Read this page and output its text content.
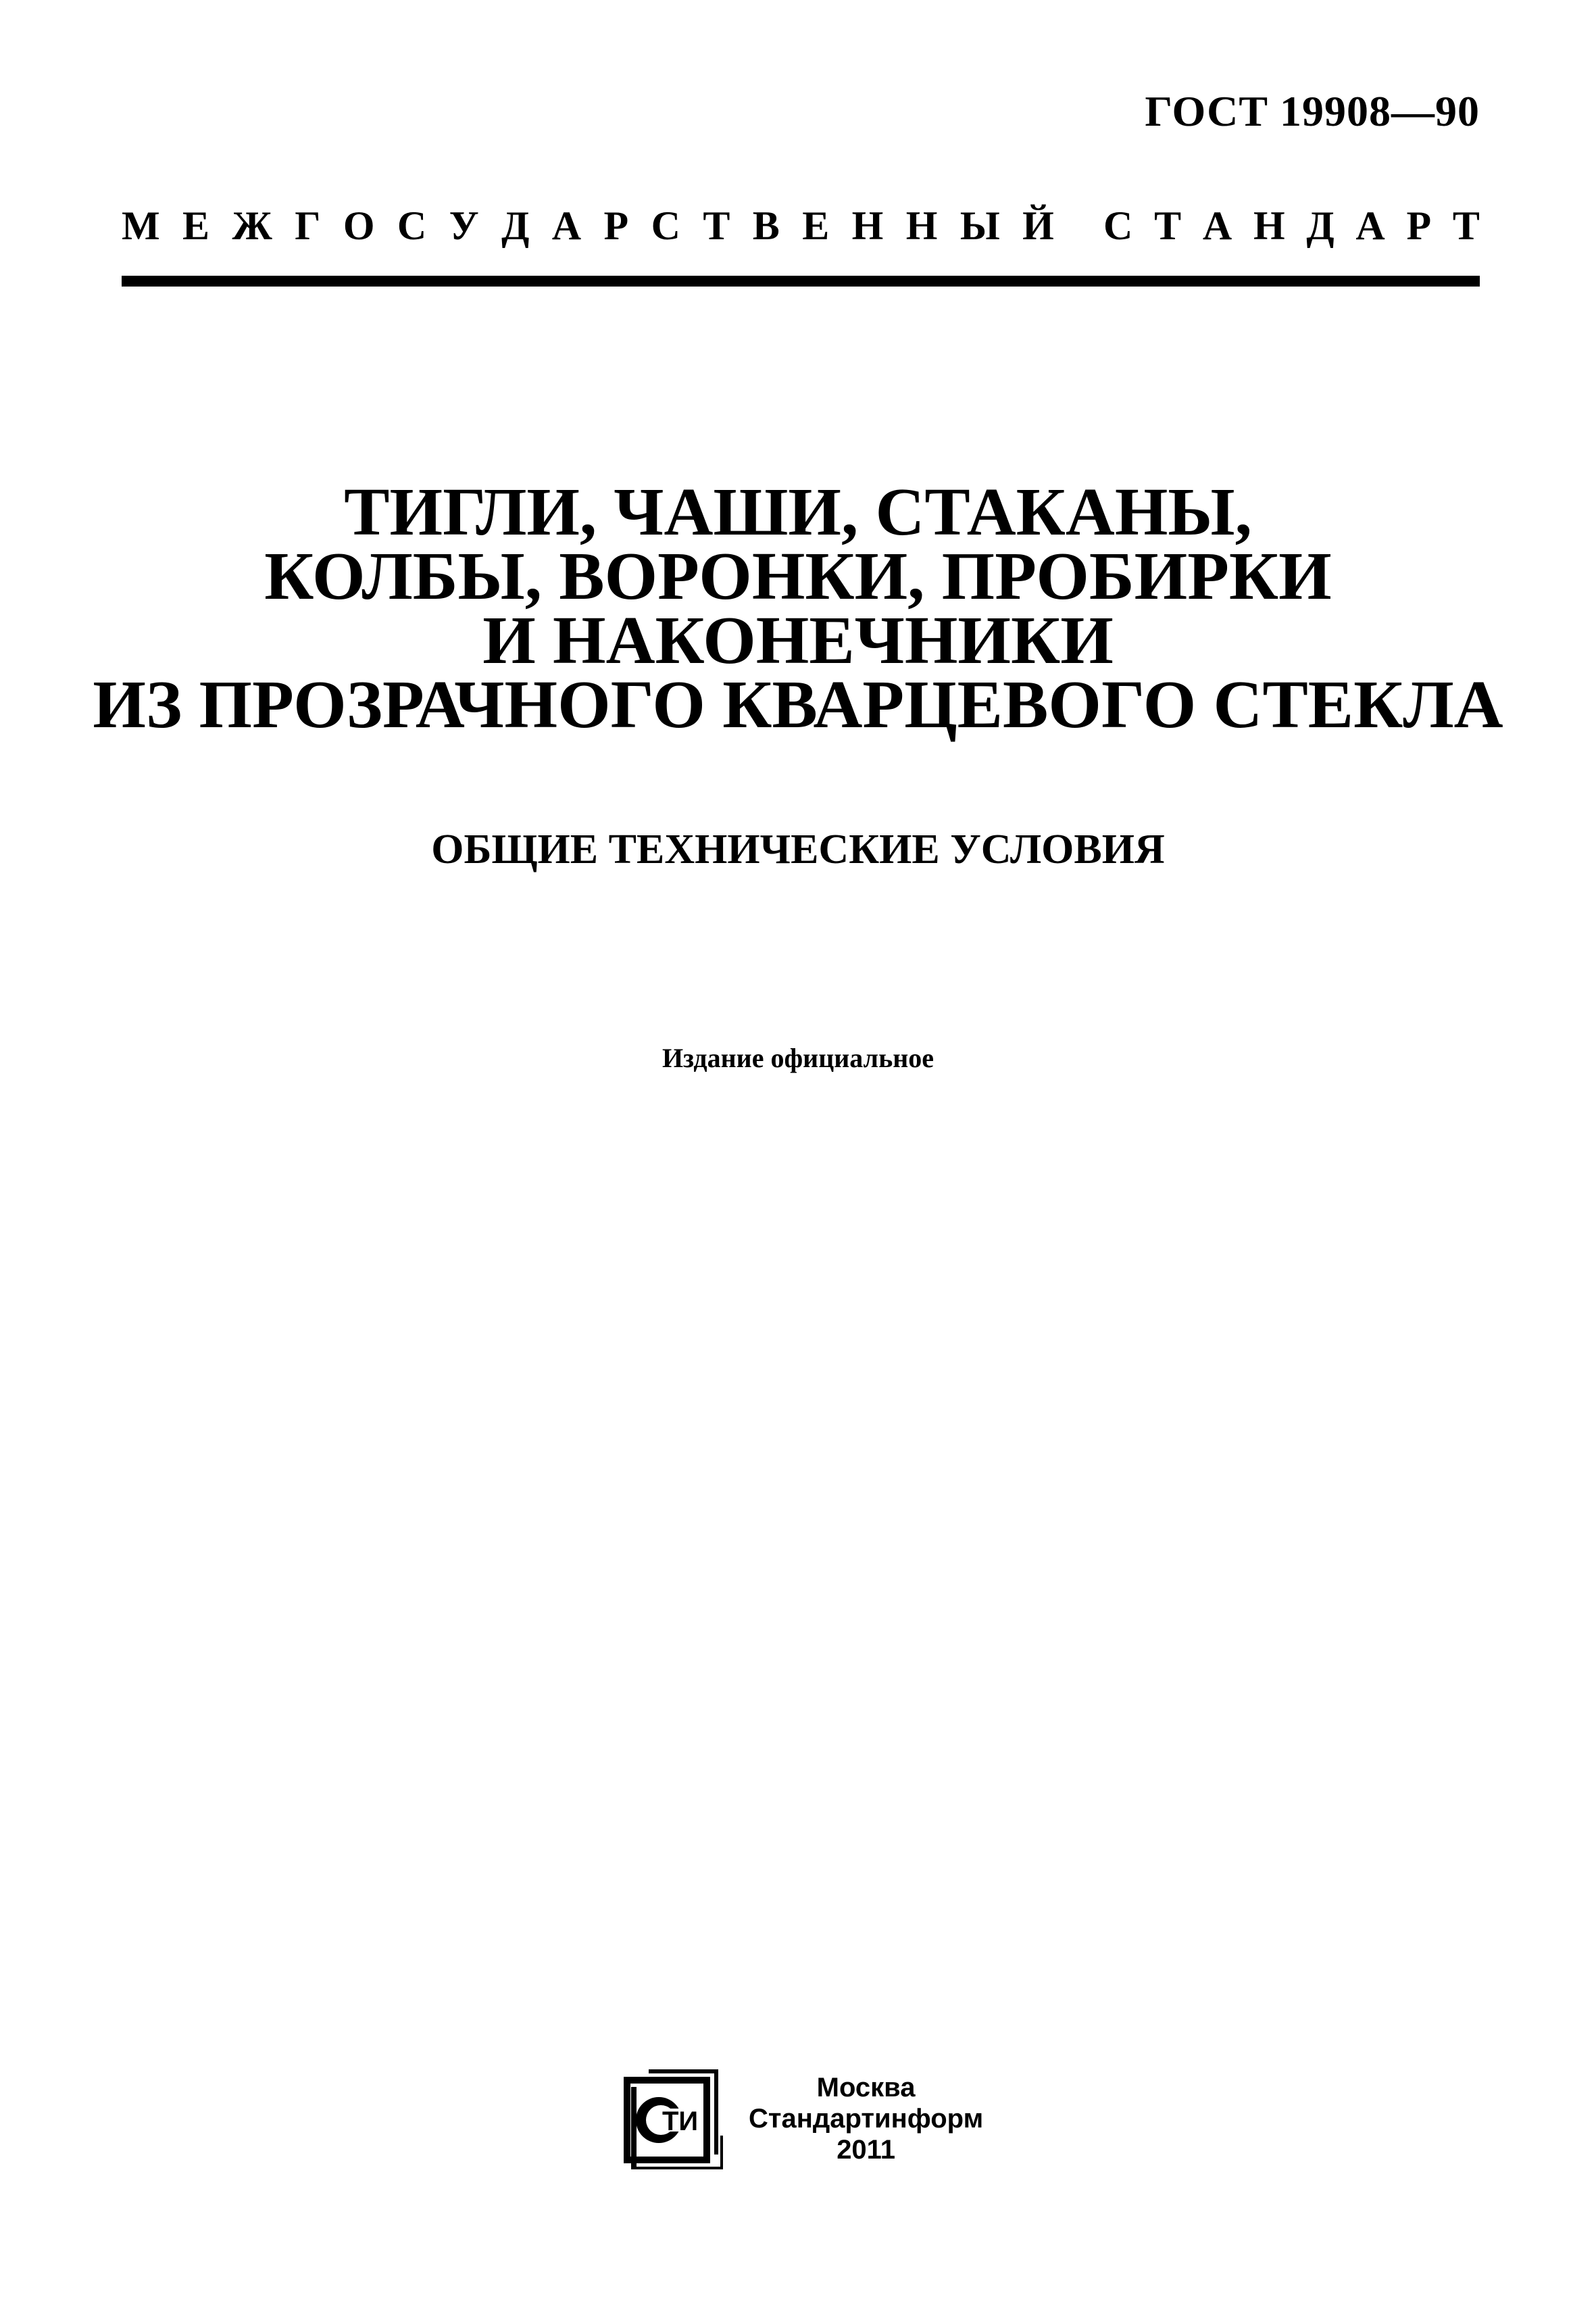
ГОСТ 19908—90
М Е Ж Г О С У Д А Р С Т В Е Н Н Ы Й С Т А Н Д А Р Т
ТИГЛИ, ЧАШИ, СТАКАНЫ,
КОЛБЫ, ВОРОНКИ, ПРОБИРКИ
И НАКОНЕЧНИКИ
ИЗ ПРОЗРАЧНОГО КВАРЦЕВОГО СТЕКЛА
ОБЩИЕ ТЕХНИЧЕСКИЕ УСЛОВИЯ
Издание официальное
ТИ
Москва
Стандартинформ
2011
